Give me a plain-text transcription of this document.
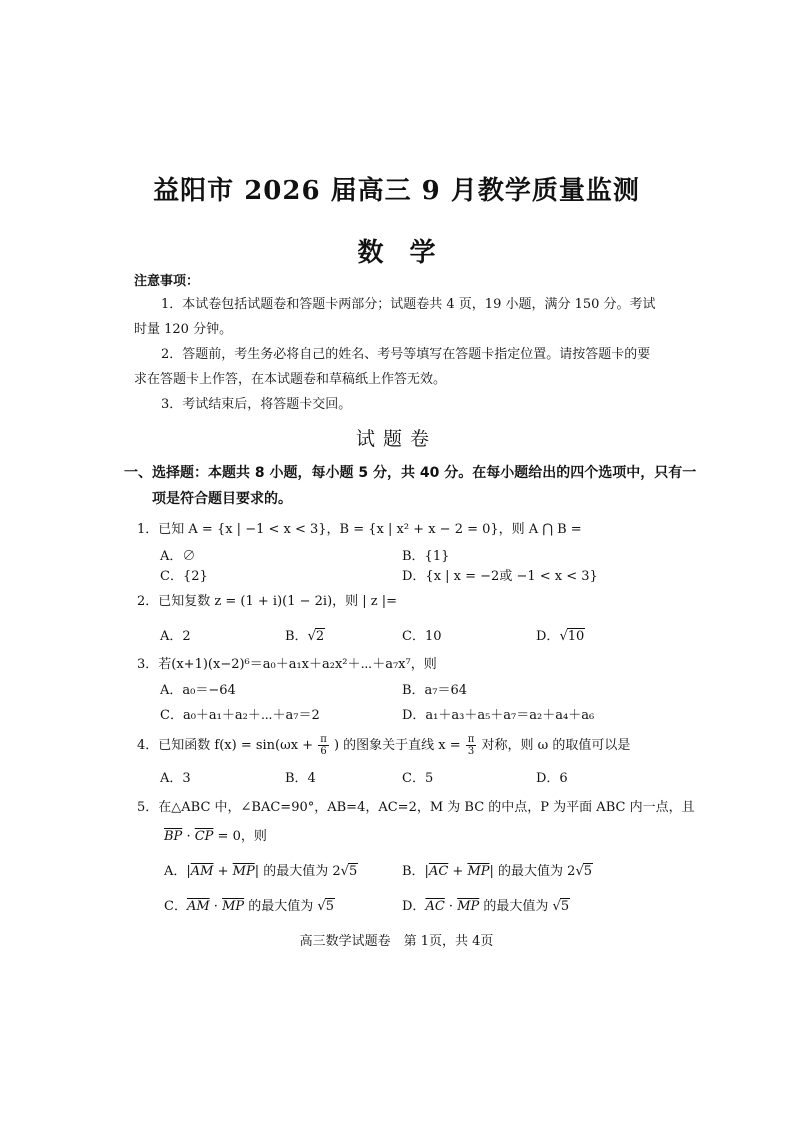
益阳市 2026 届高三 9 月教学质量监测
数学
注意事项：
1．本试卷包括试题卷和答题卡两部分；试题卷共 4 页，19 小题，满分 150 分。考试
时量 120 分钟。
2．答题前，考生务必将自己的姓名、考号等填写在答题卡指定位置。请按答题卡的要
求在答题卡上作答，在本试题卷和草稿纸上作答无效。
3．考试结束后，将答题卡交回。
试题卷
一、选择题：本题共 8 小题，每小题 5 分，共 40 分。在每小题给出的四个选项中，只有一
项是符合题目要求的。
1．已知 A = {x | −1 < x < 3}，B = {x | x² + x − 2 = 0}，则 A ⋂ B =
A．∅	B．{1}
C．{2}	D．{x | x = −2或 −1 < x < 3}
2．已知复数 z = (1 + i)(1 − 2i)，则 | z |=
A．2	B．√2	C．10	D．√10
3．若(x+1)(x−2)⁶＝a₀＋a₁x＋a₂x²＋⋯＋a₇x⁷，则
A．a₀＝−64	B．a₇＝64
C．a₀＋a₁＋a₂＋⋯＋a₇＝2	D．a₁＋a₃＋a₅＋a₇＝a₂＋a₄＋a₆
4．已知函数 $f(x) = \sin(\omega x + \frac{\pi}{6}$ ) 的图象关于直线 $x = \frac{\pi}{3}$ 对称，则 ω 的取值可以是
A．3	B．4	C．5	D．6
5．在△ABC 中，∠BAC=90°，AB=4，AC=2，M 为 BC 的中点，P 为平面 ABC 内一点，且
$\overline{BP} \cdot \overline{CP} = 0$，则
A．$|\overline{AM} + \overline{MP}|$ 的最大值为 2√5	B．$|\overline{AC} + \overline{MP}|$ 的最大值为 2√5
C．$\overline{AM} \cdot \overline{MP}$ 的最大值为 √5	D．$\overline{AC} \cdot \overline{MP}$ 的最大值为 √5
高三数学试题卷　第 1页，共 4页
